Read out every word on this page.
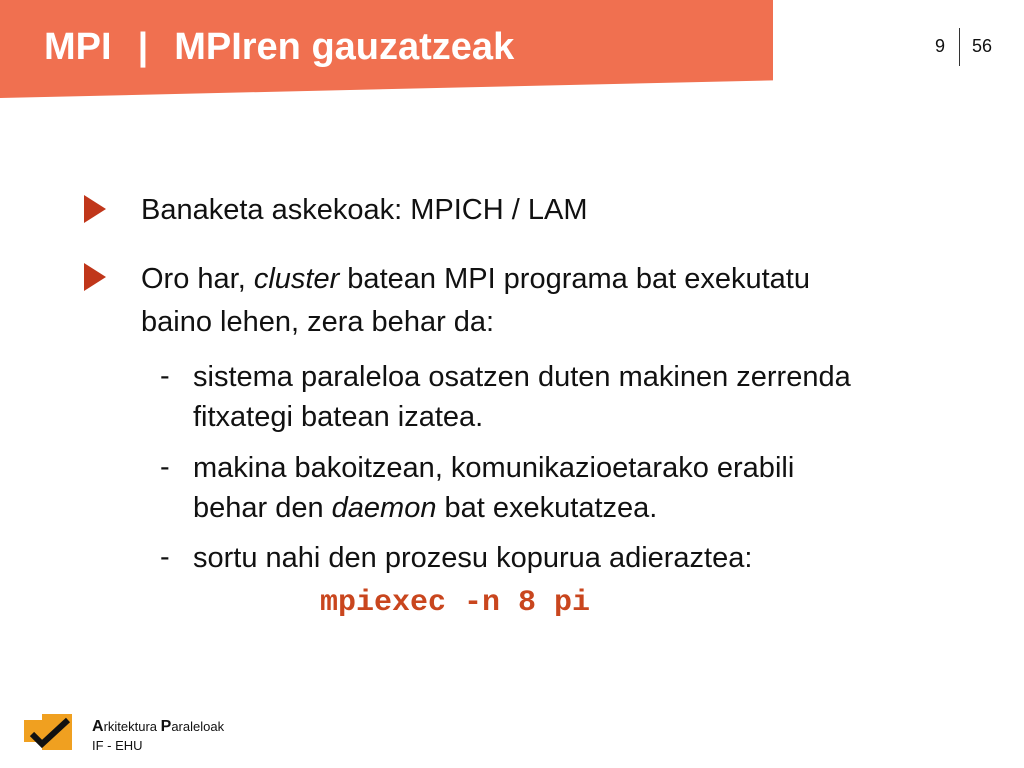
MPI | MPIren gauzatzeak	9 56
Banaketa askekoak: MPICH / LAM
Oro har, cluster batean MPI programa bat exekutatu
baino lehen, zera behar da:
- sistema paraleloa osatzen duten makinen zerrenda
fitxategi batean izatea.
- makina bakoitzean, komunikazioetarako erabili
behar den daemon bat exekutatzea.
- sortu nahi den prozesu kopurua adieraztea:
mpiexec -n 8 pi
Arkitektura Paraleloak
IF - EHU
